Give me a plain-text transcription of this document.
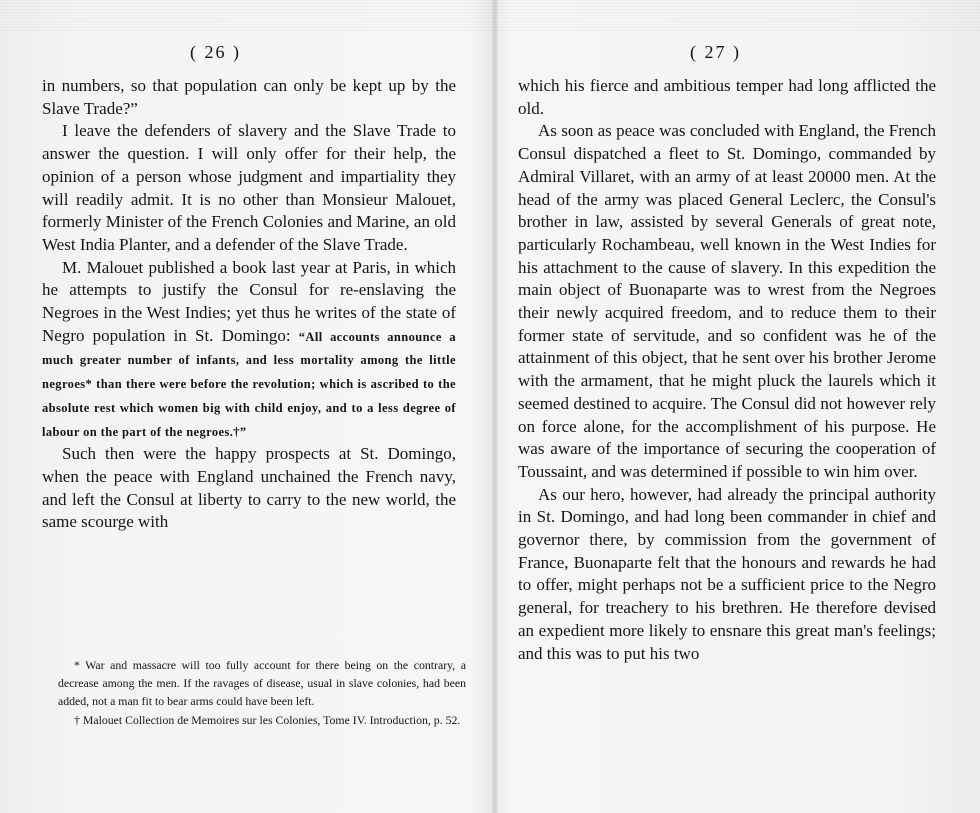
( 26 )

in numbers, so that population can only be kept up by the Slave Trade?”

I leave the defenders of slavery and the Slave Trade to answer the question. I will only offer for their help, the opinion of a person whose judgment and impartiality they will readily admit. It is no other than Monsieur Malouet, formerly Minister of the French Colonies and Marine, an old West India Planter, and a defender of the Slave Trade.

M. Malouet published a book last year at Paris, in which he attempts to justify the Consul for re-enslaving the Negroes in the West Indies; yet thus he writes of the state of Negro population in St. Domingo: “All accounts announce a much greater number of infants, and less mortality among the little negroes* than there were before the revolution; which is ascribed to the absolute rest which women big with child enjoy, and to a less degree of labour on the part of the negroes.†”

Such then were the happy prospects at St. Domingo, when the peace with England unchained the French navy, and left the Consul at liberty to carry to the new world, the same scourge with

* War and massacre will too fully account for there being on the contrary, a decrease among the men. If the ravages of disease, usual in slave colonies, had been added, not a man fit to bear arms could have been left.

† Malouet Collection de Memoires sur les Colonies, Tome IV. Introduction, p. 52.

( 27 )

which his fierce and ambitious temper had long afflicted the old.

As soon as peace was concluded with England, the French Consul dispatched a fleet to St. Domingo, commanded by Admiral Villaret, with an army of at least 20000 men. At the head of the army was placed General Leclerc, the Consul's brother in law, assisted by several Generals of great note, particularly Rochambeau, well known in the West Indies for his attachment to the cause of slavery. In this expedition the main object of Buonaparte was to wrest from the Negroes their newly acquired freedom, and to reduce them to their former state of servitude, and so confident was he of the attainment of this object, that he sent over his brother Jerome with the armament, that he might pluck the laurels which it seemed destined to acquire. The Consul did not however rely on force alone, for the accomplishment of his purpose. He was aware of the importance of securing the cooperation of Toussaint, and was determined if possible to win him over.

As our hero, however, had already the principal authority in St. Domingo, and had long been commander in chief and governor there, by commission from the government of France, Buonaparte felt that the honours and rewards he had to offer, might perhaps not be a sufficient price to the Negro general, for treachery to his brethren. He therefore devised an expedient more likely to ensnare this great man's feelings; and this was to put his two
